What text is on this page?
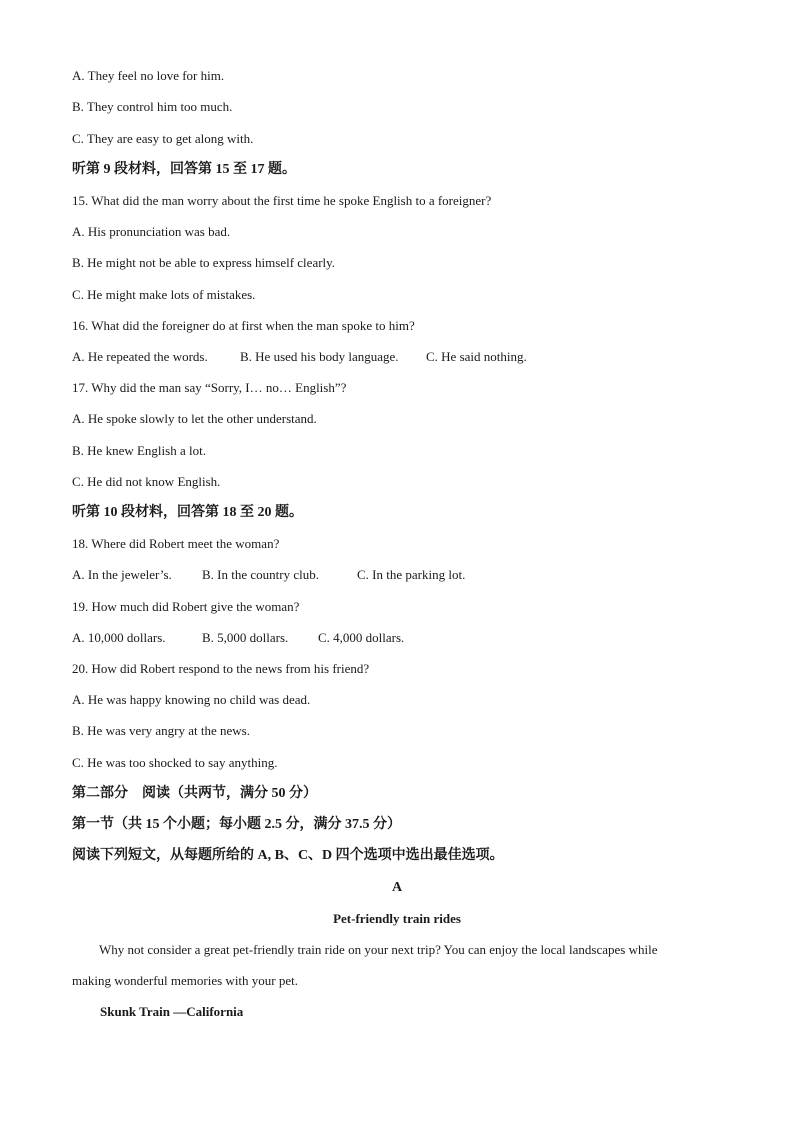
A. They feel no love for him.
B. They control him too much.
C. They are easy to get along with.
听第 9 段材料，回答第 15 至 17 题。
15. What did the man worry about the first time he spoke English to a foreigner?
A. His pronunciation was bad.
B. He might not be able to express himself clearly.
C. He might make lots of mistakes.
16. What did the foreigner do at first when the man spoke to him?
A. He repeated the words. B. He used his body language. C. He said nothing.
17. Why did the man say “Sorry, I… no… English”?
A. He spoke slowly to let the other understand.
B. He knew English a lot.
C. He did not know English.
听第 10 段材料，回答第 18 至 20 题。
18. Where did Robert meet the woman?
A. In the jeweler’s. B. In the country club.	C. In the parking lot.
19. How much did Robert give the woman?
A. 10,000 dollars.	B. 5,000 dollars. C. 4,000 dollars.
20. How did Robert respond to the news from his friend?
A. He was happy knowing no child was dead.
B. He was very angry at the news.
C. He was too shocked to say anything.
第二部分　阅读（共两节，满分 50 分）
第一节（共 15 个小题；每小题 2.5 分，满分 37.5 分）
阅读下列短文，从每题所给的 A, B、C、D 四个选项中选出最佳选项。
A
Pet-friendly train rides
Why not consider a great pet-friendly train ride on your next trip? You can enjoy the local landscapes while
making wonderful memories with your pet.
Skunk Train —California
